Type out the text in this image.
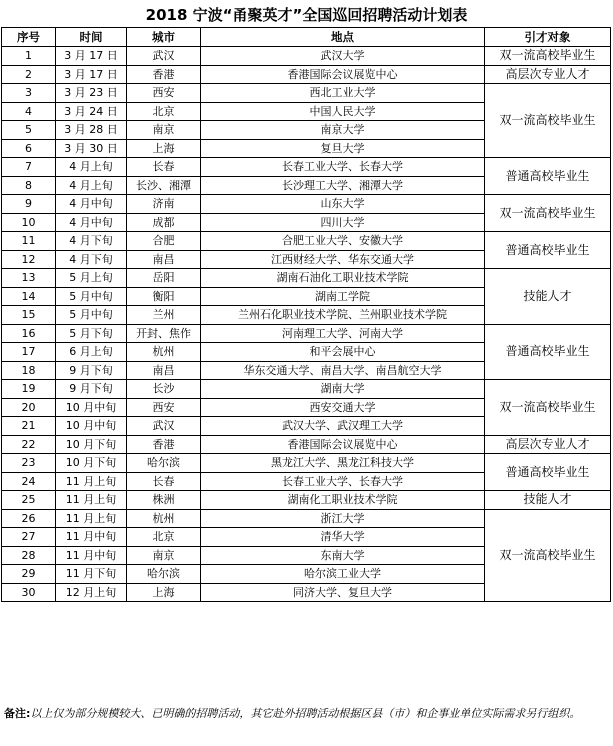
2018 宁波“甬聚英才”全国巡回招聘活动计划表
序号	时间	城市	地点	引才对象
1	3 月 17 日	武汉	武汉大学	双一流高校毕业生
2	3 月 17 日	香港	香港国际会议展览中心	高层次专业人才
3	3 月 23 日	西安	西北工业大学	双一流高校毕业生
4	3 月 24 日	北京	中国人民大学	
5	3 月 28 日	南京	南京大学	
6	3 月 30 日	上海	复旦大学	
7	4 月上旬	长春	长春工业大学、长春大学	普通高校毕业生
8	4 月上旬	长沙、湘潭	长沙理工大学、湘潭大学	
9	4 月中旬	济南	山东大学	双一流高校毕业生
10	4 月中旬	成都	四川大学	
11	4 月下旬	合肥	合肥工业大学、安徽大学	普通高校毕业生
12	4 月下旬	南昌	江西财经大学、华东交通大学	
13	5 月上旬	岳阳	湖南石油化工职业技术学院	技能人才
14	5 月中旬	衡阳	湖南工学院	
15	5 月中旬	兰州	兰州石化职业技术学院、兰州职业技术学院	
16	5 月下旬	开封、焦作	河南理工大学、河南大学	普通高校毕业生
17	6 月上旬	杭州	和平会展中心	
18	9 月下旬	南昌	华东交通大学、南昌大学、南昌航空大学	
19	9 月下旬	长沙	湖南大学	双一流高校毕业生
20	10 月中旬	西安	西安交通大学	
21	10 月中旬	武汉	武汉大学、武汉理工大学	
22	10 月下旬	香港	香港国际会议展览中心	高层次专业人才
23	10 月下旬	哈尔滨	黑龙江大学、黑龙江科技大学	普通高校毕业生
24	11 月上旬	长春	长春工业大学、长春大学	
25	11 月上旬	株洲	湖南化工职业技术学院	技能人才
26	11 月上旬	杭州	浙江大学	双一流高校毕业生
27	11 月中旬	北京	清华大学	
28	11 月中旬	南京	东南大学	
29	11 月下旬	哈尔滨	哈尔滨工业大学	
30	12 月上旬	上海	同济大学、复旦大学	
备注:以上仅为部分规模较大、已明确的招聘活动，其它赴外招聘活动根据区县（市）和企事业单位实际需求另行组织。
